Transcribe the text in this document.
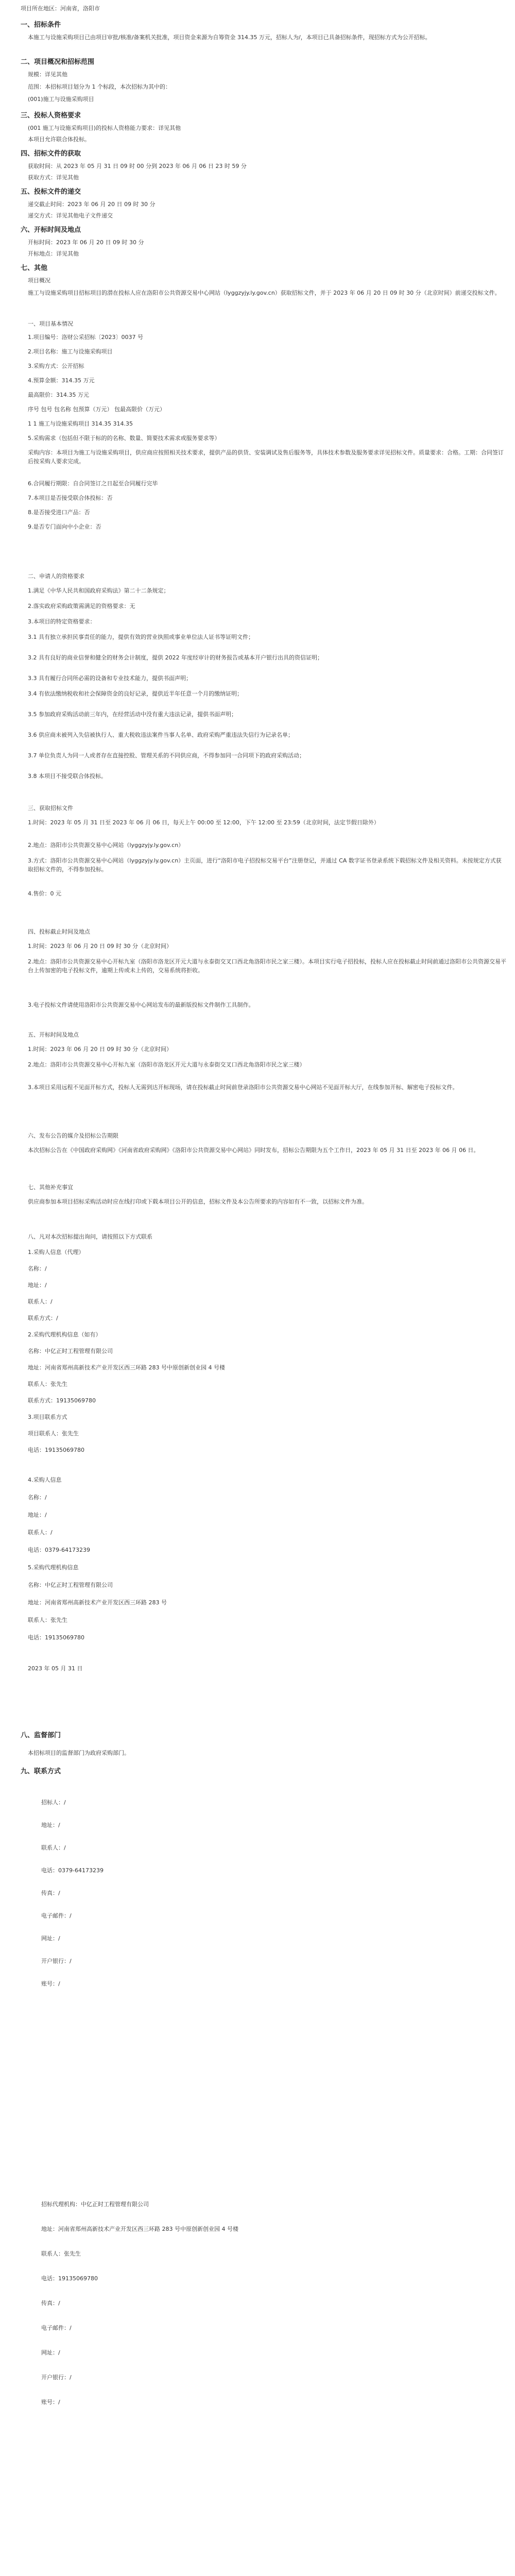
项目所在地区：河南省，洛阳市
一、招标条件
本施工与设施采购项目已由项目审批/核准/备案机关批准，项目资金来源为自筹资金 314.35 万元，招标人为/，本项目已具备招标条件，现招标方式为公开招标。
二、项目概况和招标范围
规模：详见其他
范围：本招标项目划分为 1 个标段，本次招标为其中的：
(001)施工与设施采购项目
三、投标人资格要求
(001 施工与设施采购项目)的投标人资格能力要求：详见其他
本项目允许联合体投标。
四、招标文件的获取
获取时间：从 2023 年 05 月 31 日 09 时 00 分到 2023 年 06 月 06 日 23 时 59 分
获取方式：详见其他
五、投标文件的递交
递交截止时间：2023 年 06 月 20 日 09 时 30 分
递交方式：详见其他电子文件递交
六、开标时间及地点
开标时间：2023 年 06 月 20 日 09 时 30 分
开标地点：详见其他
七、其他
项目概况
施工与设施采购项目招标项目的潜在投标人应在洛阳市公共资源交易中心网站（lyggzyjy.ly.gov.cn）获取招标文件，并于 2023 年 06 月 20 日 09 时 30 分（北京时间）前递交投标文件。
一、项目基本情况
1.项目编号：洛财公采招标〔2023〕0037 号
2.项目名称：施工与设施采购项目
3.采购方式：公开招标
4.预算金额：314.35 万元
最高限价：314.35 万元
序号 包号 包名称 包预算（万元） 包最高限价（万元）
1 1 施工与设施采购项目 314.35 314.35
5.采购需求（包括但不限于标的的名称、数量、简要技术需求或服务要求等）
采购内容：本项目为施工与设施采购项目，供应商应按照相关技术要求，提供产品的供货、安装调试及售后服务等，具体技术参数及服务要求详见招标文件。质量要求：合格。工期：合同签订后按采购人要求完成。
6.合同履行期限：自合同签订之日起至合同履行完毕
7.本项目是否接受联合体投标：否
8.是否接受进口产品：否
9.是否专门面向中小企业：否
二、申请人的资格要求
1.满足《中华人民共和国政府采购法》第二十二条规定；
2.落实政府采购政策需满足的资格要求：无
3.本项目的特定资格要求：
3.1 具有独立承担民事责任的能力，提供有效的营业执照或事业单位法人证书等证明文件；
3.2 具有良好的商业信誉和健全的财务会计制度，提供 2022 年度经审计的财务报告或基本开户银行出具的资信证明；
3.3 具有履行合同所必需的设备和专业技术能力，提供书面声明；
3.4 有依法缴纳税收和社会保障资金的良好记录，提供近半年任意一个月的缴纳证明；
3.5 参加政府采购活动前三年内，在经营活动中没有重大违法记录，提供书面声明；
3.6 供应商未被列入失信被执行人、重大税收违法案件当事人名单、政府采购严重违法失信行为记录名单；
3.7 单位负责人为同一人或者存在直接控股、管理关系的不同供应商，不得参加同一合同项下的政府采购活动；
3.8 本项目不接受联合体投标。
三、获取招标文件
1.时间：2023 年 05 月 31 日至 2023 年 06 月 06 日，每天上午 00:00 至 12:00，下午 12:00 至 23:59（北京时间，法定节假日除外）
2.地点：洛阳市公共资源交易中心网站（lyggzyjy.ly.gov.cn）
3.方式：洛阳市公共资源交易中心网站（lyggzyjy.ly.gov.cn）主页面，进行“洛阳市电子招投标交易平台”注册登记，并通过 CA 数字证书登录系统下载招标文件及相关资料。未按规定方式获取招标文件的，不得参加投标。
4.售价：0 元
四、投标截止时间及地点
1.时间：2023 年 06 月 20 日 09 时 30 分（北京时间）
2.地点：洛阳市公共资源交易中心开标九室（洛阳市洛龙区开元大道与永泰街交叉口西北角洛阳市民之家三楼）。本项目实行电子招投标，投标人应在投标截止时间前通过洛阳市公共资源交易平台上传加密的电子投标文件，逾期上传或未上传的，交易系统将拒收。
3.电子投标文件请使用洛阳市公共资源交易中心网站发布的最新版投标文件制作工具制作。
五、开标时间及地点
1.时间：2023 年 06 月 20 日 09 时 30 分（北京时间）
2.地点：洛阳市公共资源交易中心开标九室（洛阳市洛龙区开元大道与永泰街交叉口西北角洛阳市民之家三楼）
3.本项目采用远程不见面开标方式，投标人无需到达开标现场，请在投标截止时间前登录洛阳市公共资源交易中心网站不见面开标大厅，在线参加开标、解密电子投标文件。
六、发布公告的媒介及招标公告期限
本次招标公告在《中国政府采购网》《河南省政府采购网》《洛阳市公共资源交易中心网站》同时发布，招标公告期限为五个工作日，2023 年 05 月 31 日至 2023 年 06 月 06 日。
七、其他补充事宜
供应商参加本项目招标采购活动时应在线打印或下载本项目公开的信息，招标文件及本公告所要求的内容如有不一致，以招标文件为准。
八、凡对本次招标提出询问，请按照以下方式联系
1.采购人信息（代理）
名称：/
地址：/
联系人：/
联系方式：/
2.采购代理机构信息（如有）
名称：中亿正时工程管理有限公司
地址：河南省郑州高新技术产业开发区西三环路 283 号中原创新创业园 4 号楼
联系人：张先生
联系方式：19135069780
3.项目联系方式
项目联系人：张先生
电话：19135069780
4.采购人信息
名称：/
地址：/
联系人：/
电话：0379-64173239
5.采购代理机构信息
名称：中亿正时工程管理有限公司
地址：河南省郑州高新技术产业开发区西三环路 283 号
联系人：张先生
电话：19135069780
2023 年 05 月 31 日
八、监督部门
本招标项目的监督部门为政府采购部门。
九、联系方式
招标人：/
地址：/
联系人：/
电话：0379-64173239
传真：/
电子邮件：/
网址：/
开户银行：/
账号：/
招标代理机构：中亿正时工程管理有限公司
地址：河南省郑州高新技术产业开发区西三环路 283 号中原创新创业园 4 号楼
联系人：张先生
电话：19135069780
传真：/
电子邮件：/
网址：/
开户银行：/
账号：/
